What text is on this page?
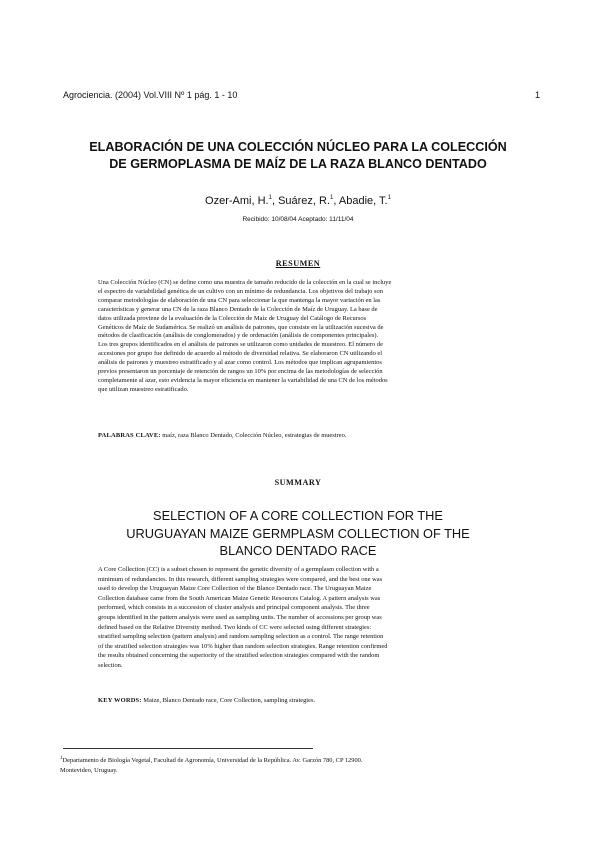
Agrociencia. (2004) Vol.VIII Nº 1 pág. 1 - 10	1
ELABORACIÓN DE UNA COLECCIÓN NÚCLEO PARA LA COLECCIÓN
DE GERMOPLASMA DE MAÍZ DE LA RAZA BLANCO DENTADO
Ozer-Ami, H.$^1$, Suárez, R.$^1$, Abadie, T.$^1$
Recibido: 10/08/04 Aceptado: 11/11/04
RESUMEN
Una Colección Núcleo (CN) se define como una muestra de tamaño reducido de la colección en la cual se incluye
el espectro de variabilidad genética de un cultivo con un mínimo de redundancia. Los objetivos del trabajo son
comparar metodologías de elaboración de una CN para seleccionar la que mantenga la mayor variación en las
características y generar una CN de la raza Blanco Dentado de la Colección de Maíz de Uruguay. La base de
datos utilizada proviene de la evaluación de la Colección de Maíz de Uruguay del Catálogo de Recursos
Genéticos de Maíz de Sudamérica. Se realizó un análisis de patrones, que consiste en la utilización sucesiva de
métodos de clasificación (análisis de conglomerados) y de ordenación (análisis de componentes principales).
Los tres grupos identificados en el análisis de patrones se utilizaron como unidades de muestreo. El número de
accesiones por grupo fue definido de acuerdo al método de diversidad relativa. Se elaboraron CN utilizando el
análisis de patrones y muestreo estratificado y al azar como control. Los métodos que implican agrupamientos
previos presentaron un porcentaje de retención de rangos un 10% por encima de las metodologías de selección
completamente al azar, esto evidencia la mayor eficiencia en mantener la variabilidad de una CN de los métodos
que utilizan muestreo estratificado.
PALABRAS CLAVE: maíz, raza Blanco Dentado, Colección Núcleo, estrategias de muestreo.
SUMMARY
SELECTION OF A CORE COLLECTION FOR THE
URUGUAYAN MAIZE GERMPLASM COLLECTION OF THE
BLANCO DENTADO RACE
A Core Collection (CC) is a subset chosen to represent the genetic diversity of a germplasm collection with a
minimum of redundancies. In this research, different sampling strategies were compared, and the best one was
used to develop the Uruguayan Maize Core Collection of the Blanco Dentado race. The Uruguayan Maize
Collection database came from the South American Maize Genetic Resources Catalog. A pattern analysis was
performed, which consists in a succession of cluster analysis and principal component analysis. The three
groups identified in the pattern analysis were used as sampling units. The number of accessions per group was
defined based on the Relative Diversity method. Two kinds of CC were selected using different strategies:
stratified sampling selection (pattern analysis) and random sampling selection as a control. The range retention
of the stratified selection strategies was 10% higher than random selection strategies. Range retention confirmed
the results obtained concerning the superiority of the stratified selection strategies compared with the random
selection.
KEY WORDS: Maize, Blanco Dentado race, Core Collection, sampling strategies.
$^1$Departamento de Biología Vegetal, Facultad de Agronomía, Universidad de la República. Av. Garzón 780, CP 12900.
Montevideo, Uruguay.
